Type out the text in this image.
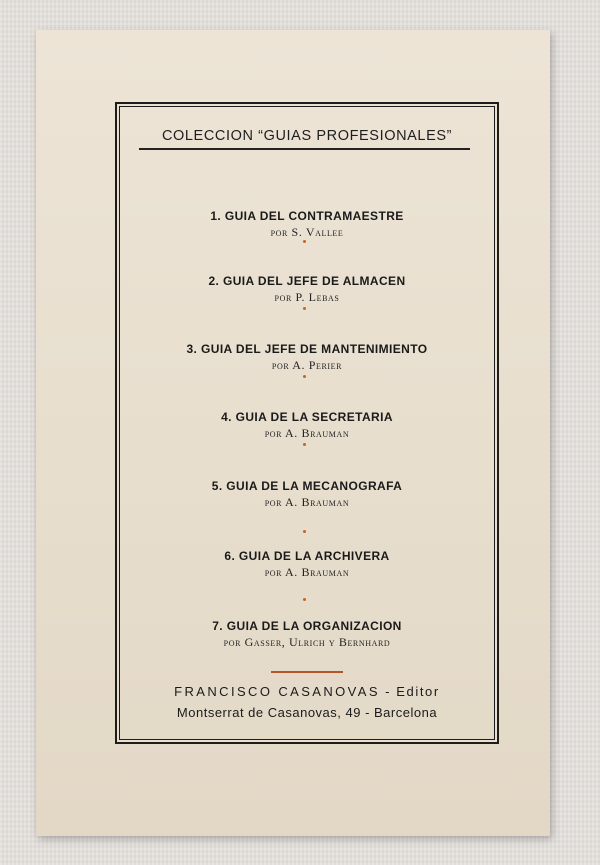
COLECCION “GUIAS PROFESIONALES”
1. GUIA DEL CONTRAMAESTRE
por S. Vallee
2. GUIA DEL JEFE DE ALMACEN
por P. Lebas
3. GUIA DEL JEFE DE MANTENIMIENTO
por A. Perier
4. GUIA DE LA SECRETARIA
por A. Brauman
5. GUIA DE LA MECANOGRAFA
por A. Brauman
6. GUIA DE LA ARCHIVERA
por A. Brauman
7. GUIA DE LA ORGANIZACION
por Gasser, Ulrich y Bernhard
FRANCISCO CASANOVAS - Editor
Montserrat de Casanovas, 49 - Barcelona
